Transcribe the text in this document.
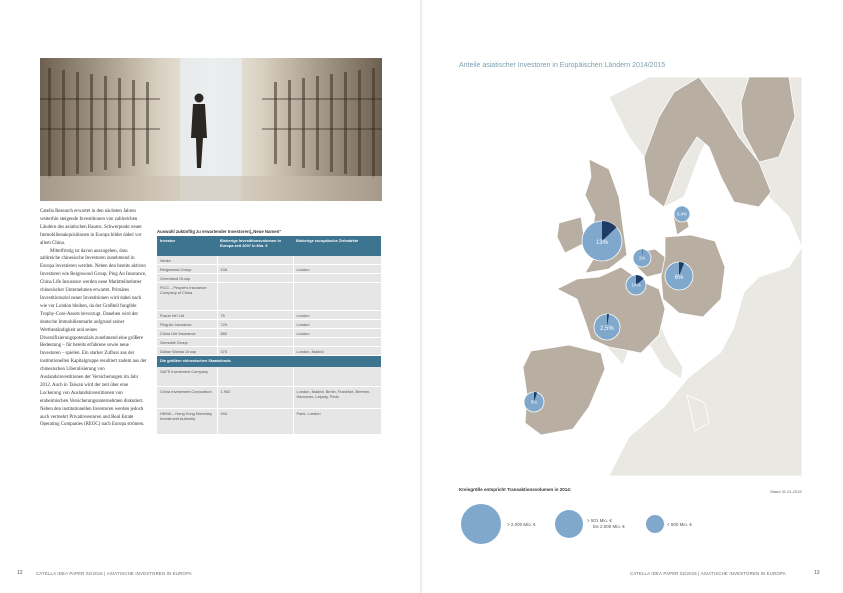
Catella Research erwartet in den nächsten Jahren weiterhin steigende Investitionen von zahlreichen Ländern des asiatischen Raums. Schwerpunkt neuer Immobilienakquisitionen in Europa bildet dabei vor allem China.

Mittelfristig ist davon auszugehen, dass zahlreiche chinesische Investoren zunehmend in Europa investieren werden. Neben den bereits aktiven Investoren wie Reignwood Group, Ping An Insurance, China Life Insurance werden neue Marktteilnehmer chinesischer Unternehmen erwartet. Primäres Investitionsziel neuer Investitionen wird dabei nach wie vor London bleiben, da der Großteil fungible Trophy-Core-Assets bevorzugt. Daneben wird der deutsche Immobilienmarkt aufgrund seiner Wertbeständigkeit und seines Diversifizierungspotenzials zunehmend eine größere Bedeutung – für bereits erfahrene sowie neue Investoren – spielen. Ein starker Zufluss aus der institutionellen Kapitalgruppe resultiert zudem aus der chinesischen Liberalisierung von Auslandsinvestitionen der Versicherungen im Jahr 2012. Auch in Taiwan wird der zeit über eine Lockerung von Auslandsinvestitionen von einheimischen Versicherungsunternehmen diskutiert. Neben den institutionellen Investoren werden jedoch auch vermehrt Privatinvestoren und Real Estate Operating Companies (REOC) nach Europa strömen.

Auswahl zukünftig zu erwartender Investoren(„Neue Namen"
Investor	Bisherige Investitionsvolumen in Europa seit 2007 in Mio. €	Bisherige europäische Zielmärkte
Vanke		
Reignwood Group	108	London
Greenland Group		
FICC – People's Insurance Company of China		
Fosun Int'l Ltd	75	London
Ping An Insurance	729	London
China Life Insurance	880	London
Gemdale Group		
Dalian Wanda Group	375	London, Madrid
Die größten chinesischen Staatsfonds		
SAFE Investment Company		
China Investment Corporation	1.952	London, Madrid, Berlin, Frankfurt, Bremen, Hannover, Leipzig, Paris
HKMA – Hong Kong Monetary Investment Authority	944	Paris, London
12	CATELLA IDEA PAPER 02/2015 | ASIATISCHE INVESTOREN IN EUROPA
Anteile asiatischer Investoren in Europäischen Ländern 2014/2015
13%
0,4%
1%
14%
6%
2,5%
5%
Kreisgröße entspricht Transaktionsvolumen in 2014:	Stand 31.01.2015
> 2.000 Mio. €
> 501 Mio. € bis 2.000 Mio. €	< 500 Mio. €
CATELLA IDEA PAPER 02/2015 | ASIATISCHE INVESTOREN IN EUROPA	13
